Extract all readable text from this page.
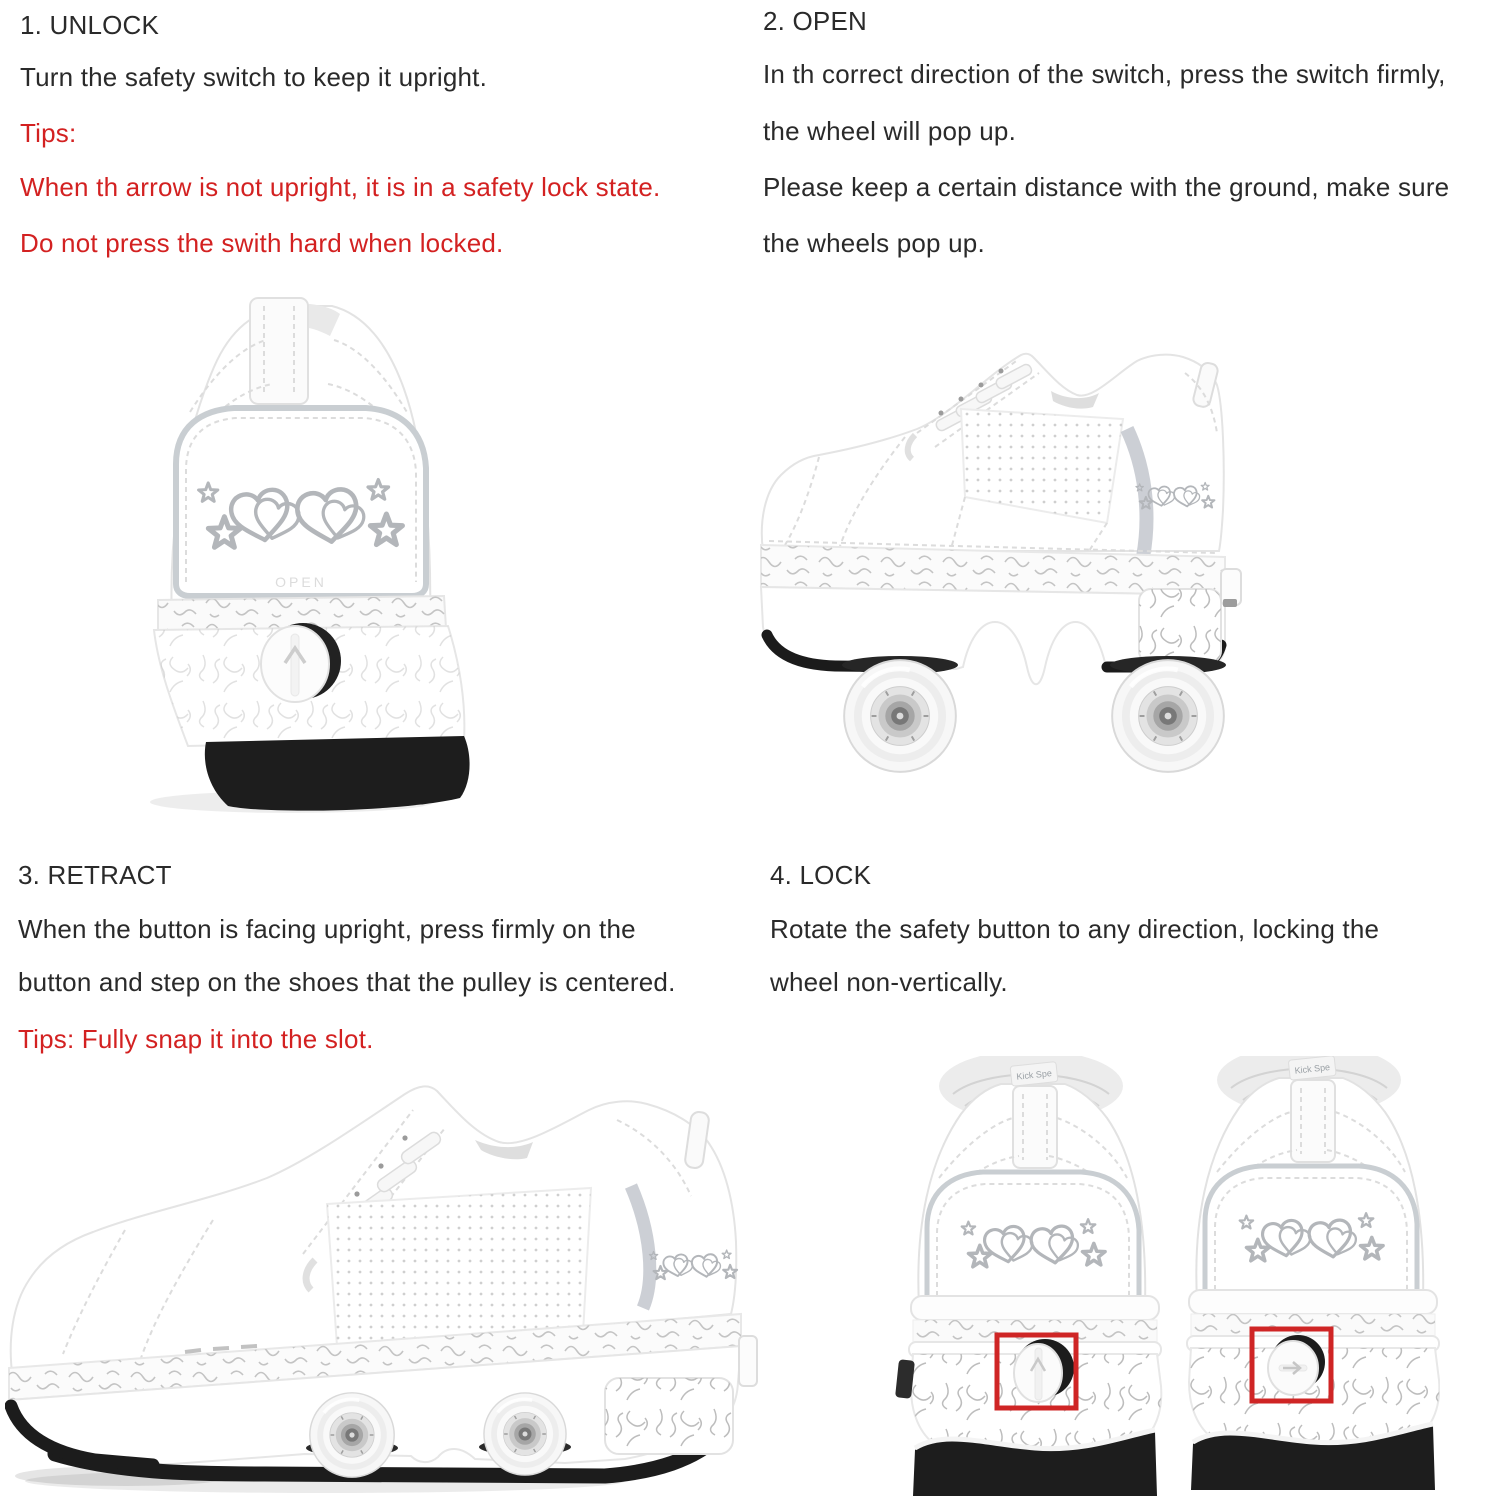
1. UNLOCK
Turn the safety switch to keep it upright.
Tips:
When th arrow is not upright, it is in a safety lock state.
Do not press the swith hard when locked.
2. OPEN
In th correct direction of the switch, press the switch firmly,
the wheel will pop up.
Please keep a certain distance with the ground, make sure
the wheels pop up.
3. RETRACT
When the button is facing upright, press firmly on the
button and step on the shoes that the pulley is centered.
Tips: Fully snap it into the slot.
4. LOCK
Rotate the safety button to any direction, locking the
wheel non-vertically.
OPEN
Kick Spe	Kick Spe
